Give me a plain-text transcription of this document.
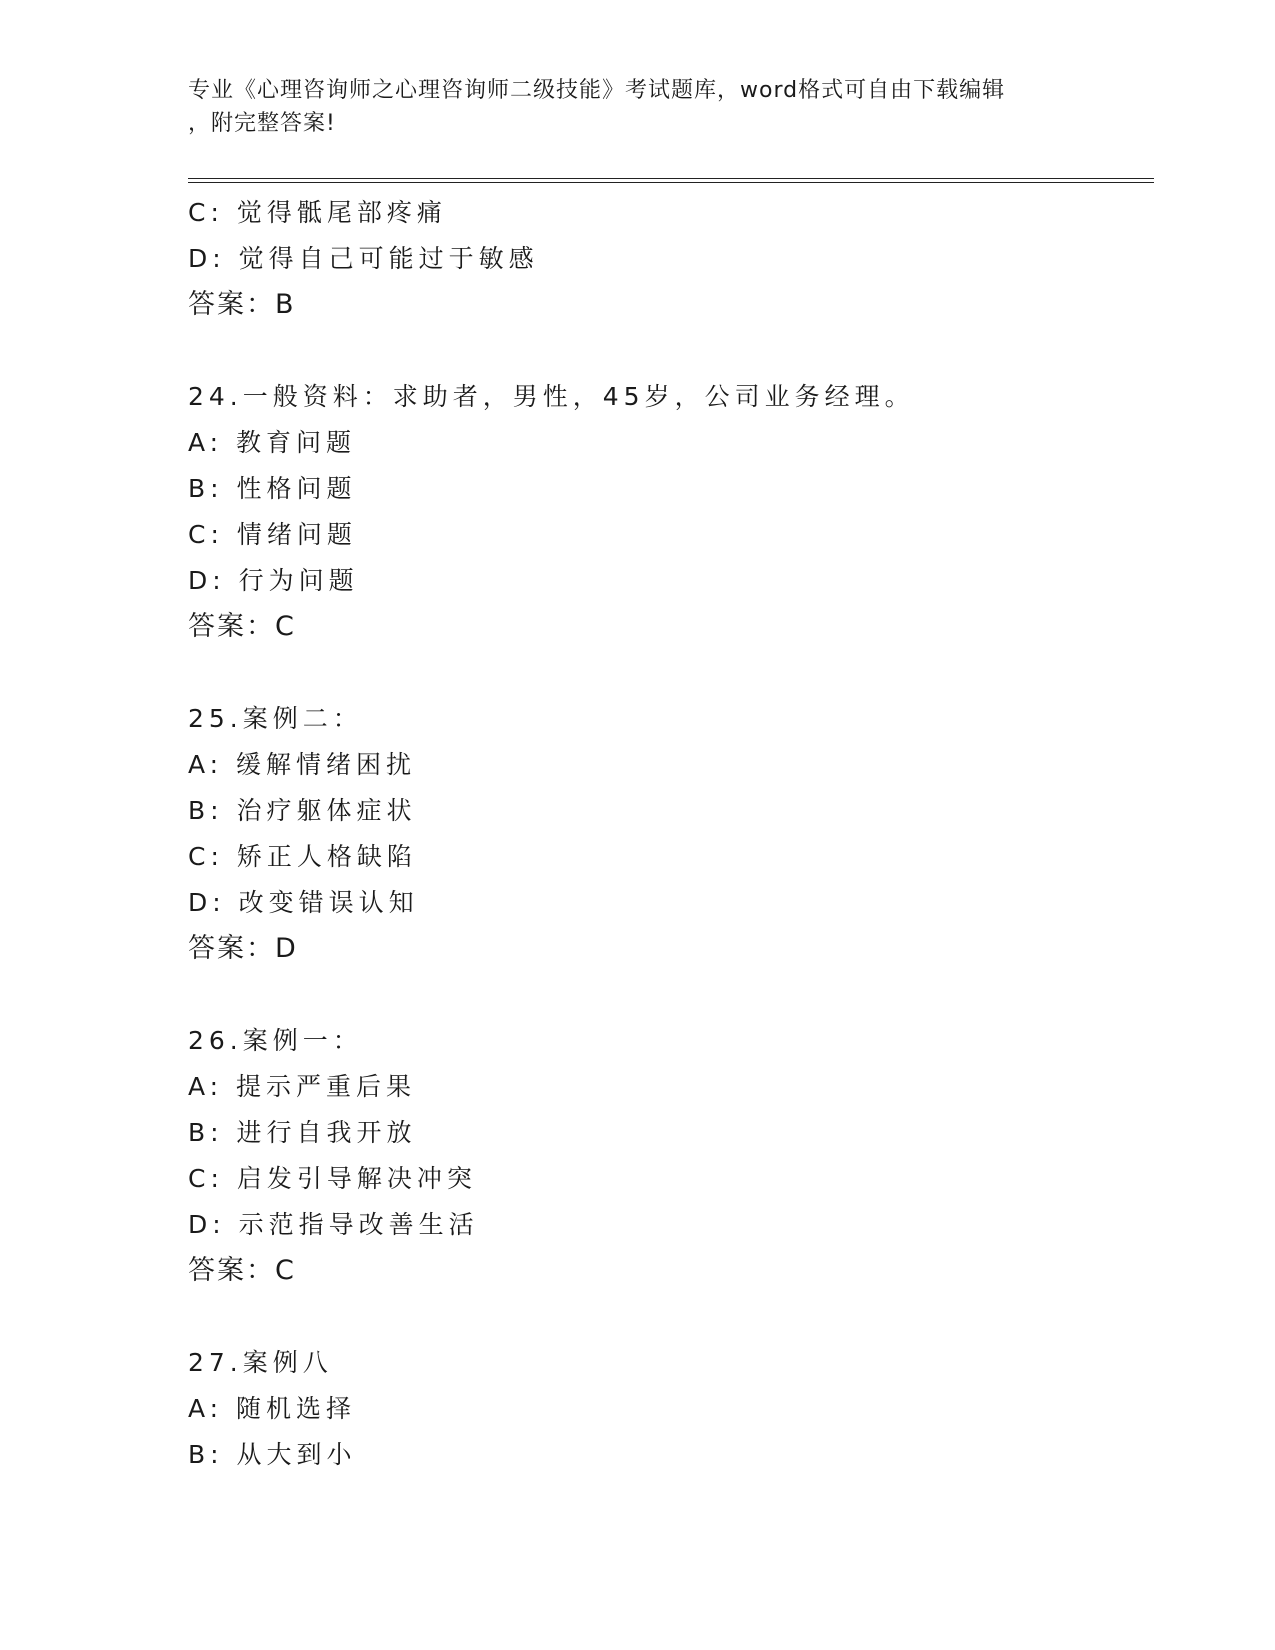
专业《心理咨询师之心理咨询师二级技能》考试题库，word格式可自由下载编辑
，附完整答案!
C: 觉得骶尾部疼痛
D: 觉得自己可能过于敏感
答案：B
24.一般资料：求助者，男性，45岁，公司业务经理。
A: 教育问题
B: 性格问题
C: 情绪问题
D: 行为问题
答案：C
25.案例二：
A: 缓解情绪困扰
B: 治疗躯体症状
C: 矫正人格缺陷
D: 改变错误认知
答案：D
26.案例一：
A: 提示严重后果
B: 进行自我开放
C: 启发引导解决冲突
D: 示范指导改善生活
答案：C
27.案例八
A: 随机选择
B: 从大到小
